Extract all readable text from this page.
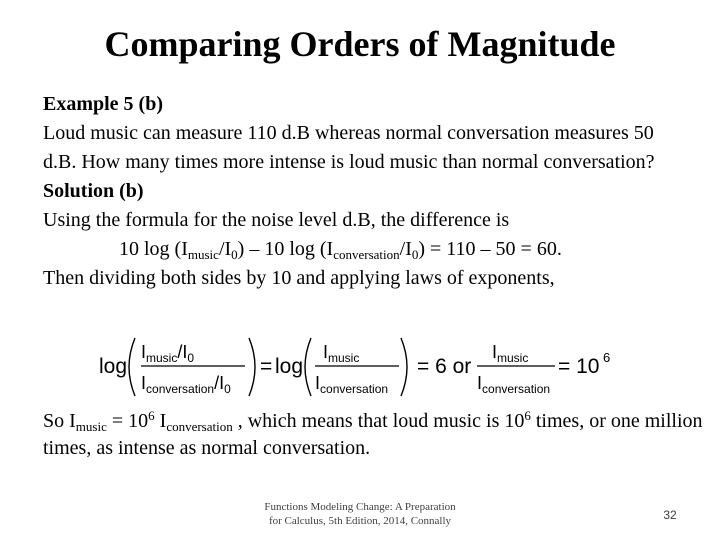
Comparing Orders of Magnitude

Example 5 (b)

Loud music can measure 110 d.B whereas normal conversation measures 50 d.B. How many times more intense is loud music than normal conversation?

Solution (b)

Using the formula for the noise level d.B, the difference is

10 $\log (I_{music}/I_0) - 10$ $\log (I_{conversation}/I_0) = 110 - 50 = 60$.

Then dividing both sides by 10 and applying laws of exponents,

log
$I_{music}/I_0$
$I_{conversation}/I_0$
= log
$I_{music}$
$I_{conversation}$
= 6 or
$I_{music}$
$I_{conversation}$
= 10 6
So $I_{music} = 10^6$ $I_{conversation}$ , which means that loud music is $10^6$ times, or one million times, as intense as normal conversation.
Functions Modeling Change: A Preparation
for Calculus, 5th Edition, 2014, Connally	32
